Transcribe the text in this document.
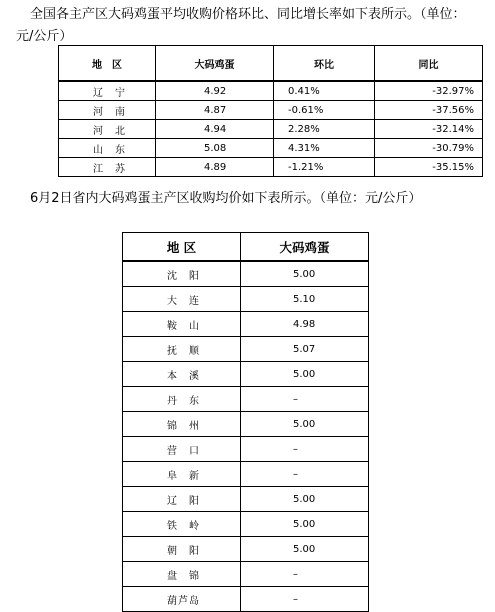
全国各主产区大码鸡蛋平均收购价格环比、同比增长率如下表所示。（单位：元/公斤）
地　区	大码鸡蛋	环比	同比
辽　宁	4.92	0.41%	-32.97%
河　南	4.87	-0.61%	-37.56%
河　北	4.94	2.28%	-32.14%
山　东	5.08	4.31%	-30.79%
江　苏	4.89	-1.21%	-35.15%
6月2日省内大码鸡蛋主产区收购均价如下表所示。（单位：元/公斤）
地 区	大码鸡蛋
沈　阳	5.00
大　连	5.10
鞍　山	4.98
抚　顺	5.07
本　溪	5.00
丹　东	–
锦　州	5.00
营　口	–
阜　新	–
辽　阳	5.00
铁　岭	5.00
朝　阳	5.00
盘　锦	–
葫芦岛	–
